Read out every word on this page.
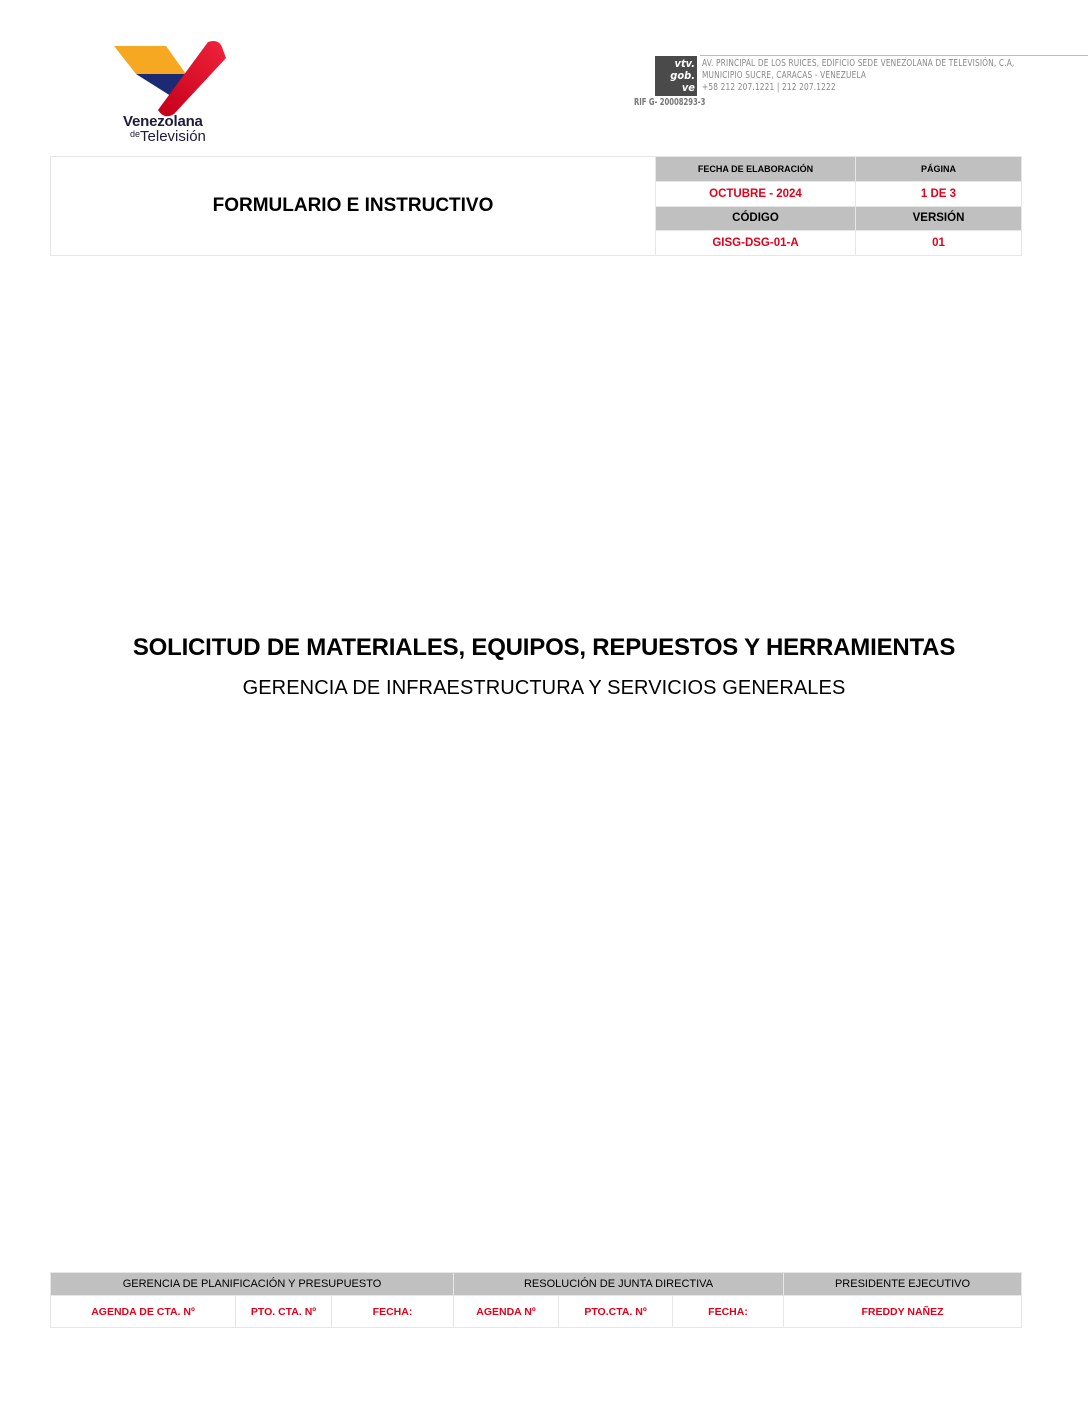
Venezolana
$^{de}$Televisión
vtv.
gob.
ve
AV. PRINCIPAL DE LOS RUICES, EDIFICIO SEDE VENEZOLANA DE TELEVISIÓN, C.A,
MUNICIPIO SUCRE, CARACAS - VENEZUELA
+58 212 207.1221 | 212 207.1222
RIF G- 20008293-3
FORMULARIO E INSTRUCTIVO	FECHA DE ELABORACIÓN	PÁGINA
	OCTUBRE - 2024	1 DE 3
	CÓDIGO	VERSIÓN
	GISG-DSG-01-A	01
SOLICITUD DE MATERIALES, EQUIPOS, REPUESTOS Y HERRAMIENTAS
GERENCIA DE INFRAESTRUCTURA Y SERVICIOS GENERALES
GERENCIA DE PLANIFICACIÓN Y PRESUPUESTO			RESOLUCIÓN DE JUNTA DIRECTIVA			PRESIDENTE EJECUTIVO
AGENDA DE CTA. Nº	PTO. CTA. Nº	FECHA:	AGENDA Nº	PTO.CTA. Nº	FECHA:	FREDDY NAÑEZ
